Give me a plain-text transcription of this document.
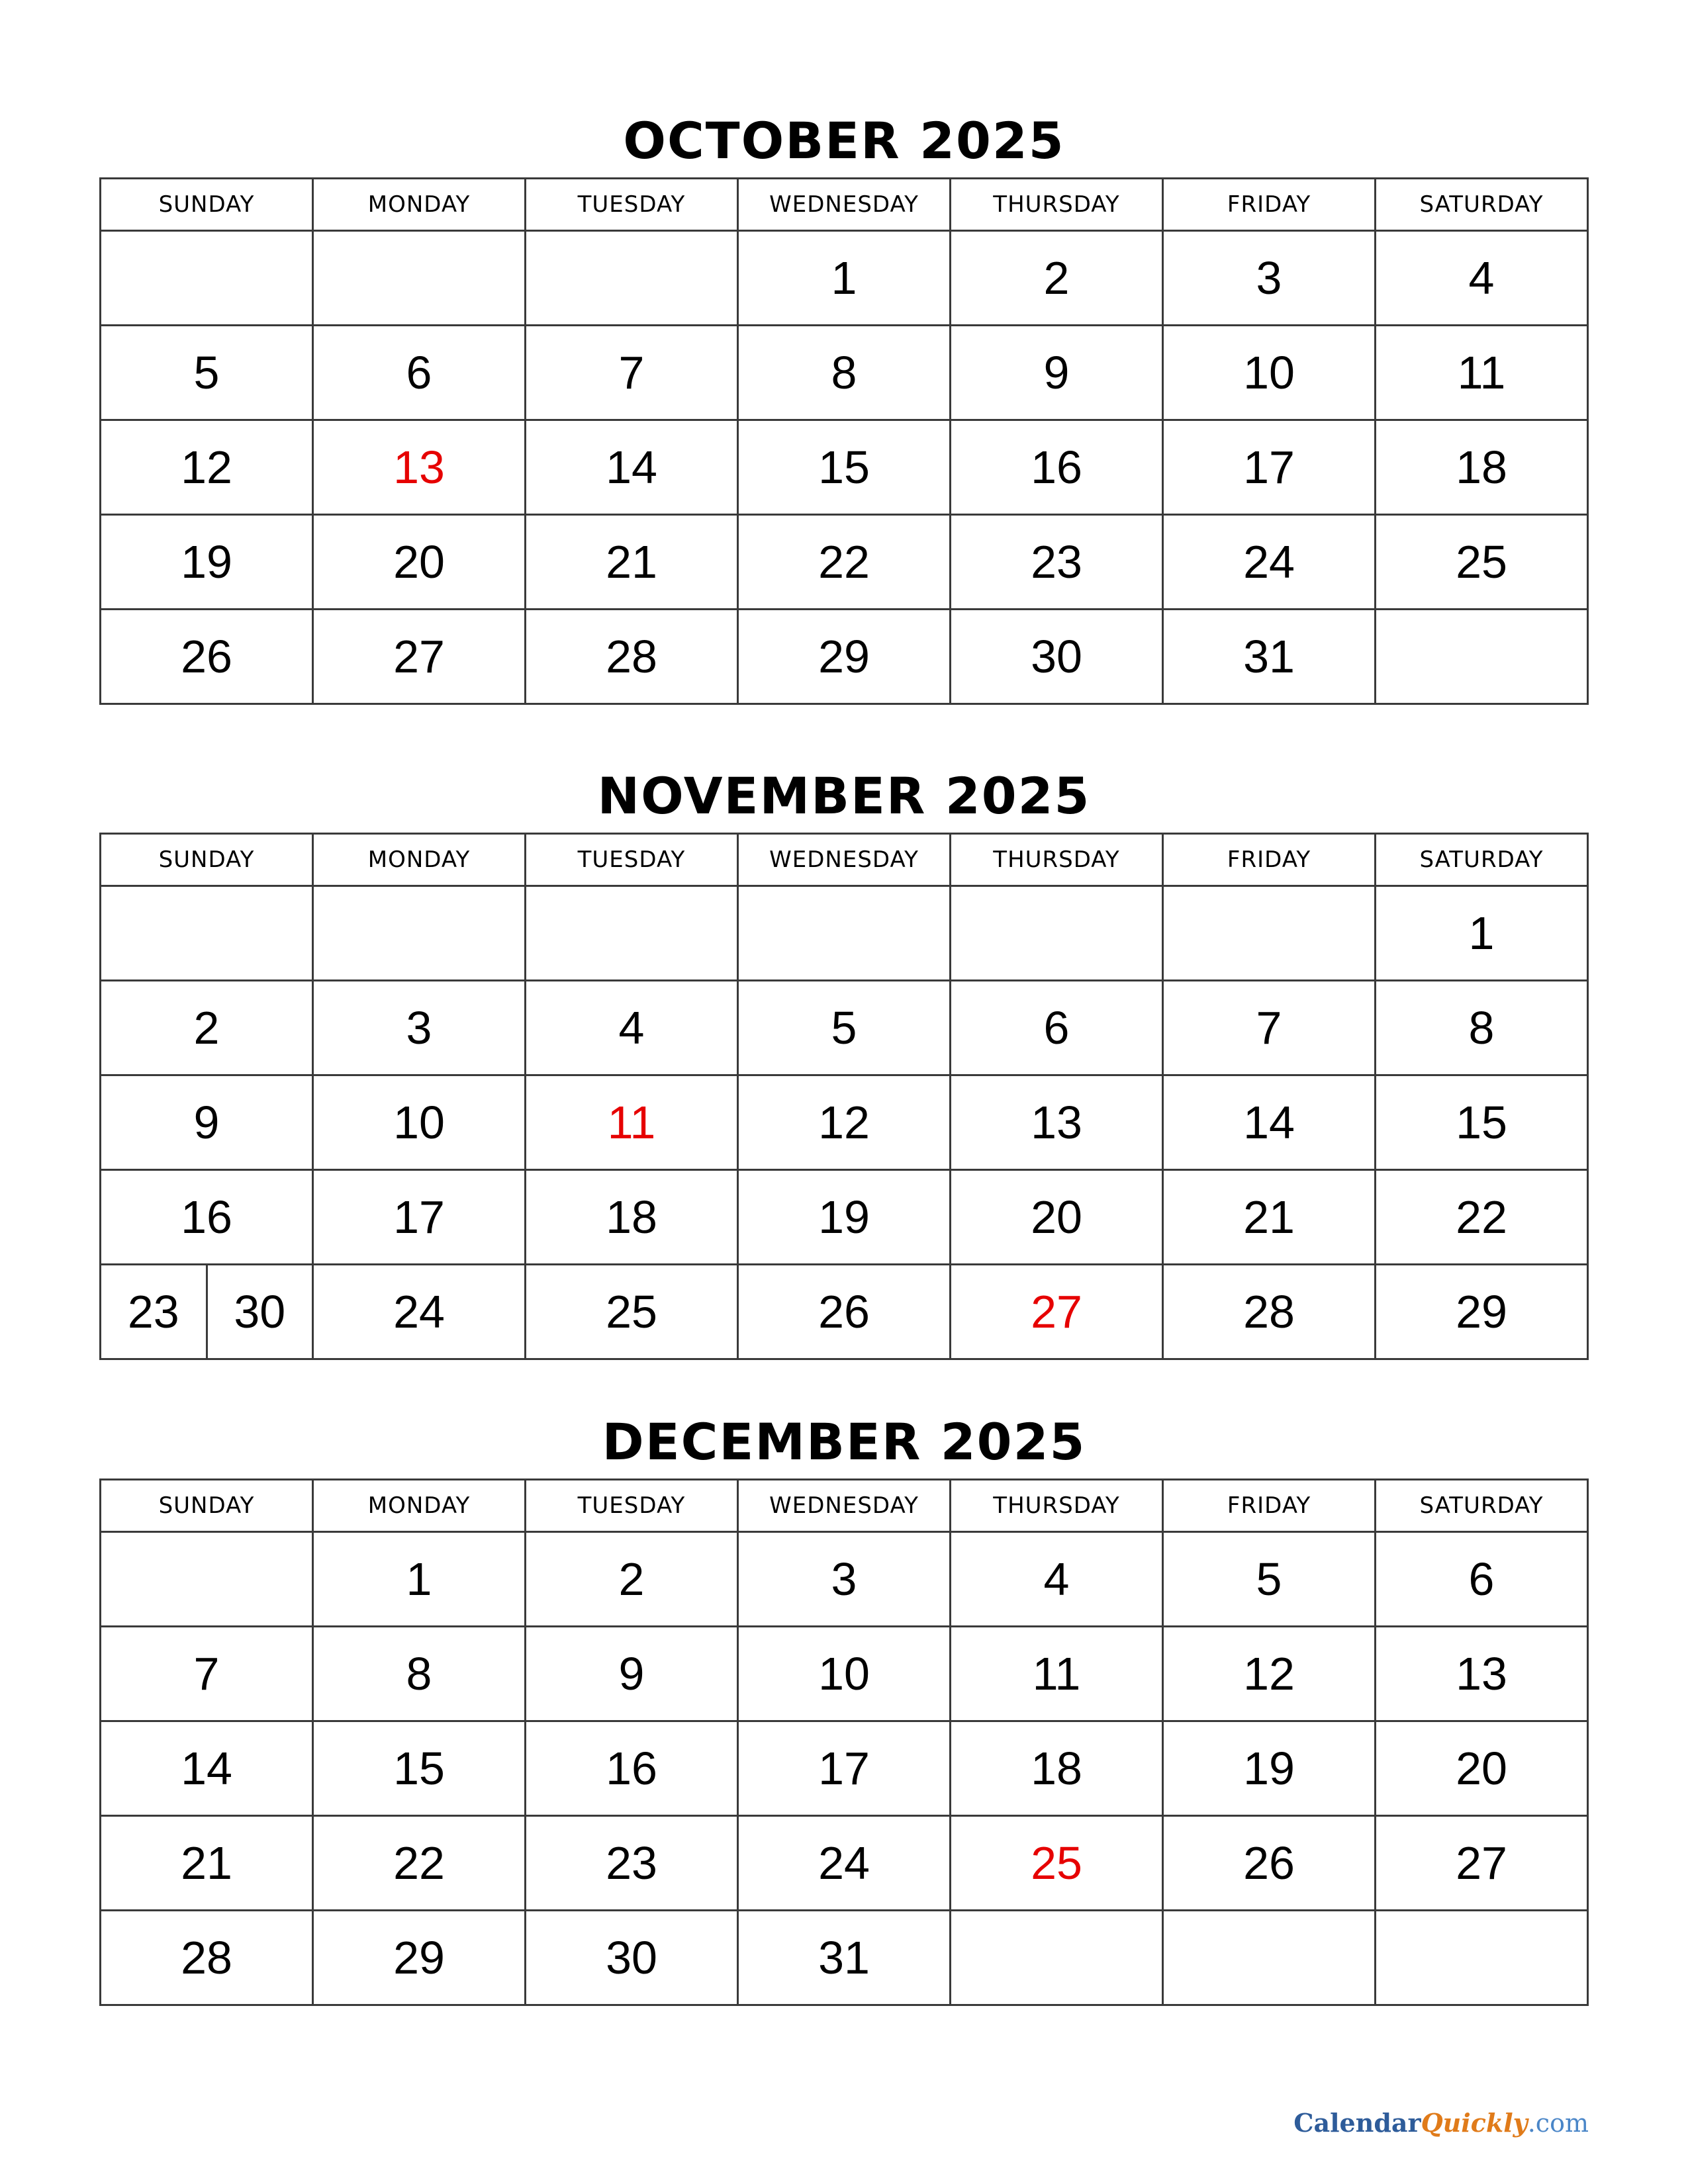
OCTOBER 2025
SUNDAY	MONDAY	TUESDAY	WEDNESDAY	THURSDAY	FRIDAY	SATURDAY
			1	2	3	4
5	6	7	8	9	10	11
12	13	14	15	16	17	18
19	20	21	22	23	24	25
26	27	28	29	30	31	
NOVEMBER 2025
SUNDAY	MONDAY	TUESDAY	WEDNESDAY	THURSDAY	FRIDAY	SATURDAY
						1
2	3	4	5	6	7	8
9	10	11	12	13	14	15
16	17	18	19	20	21	22

23 30	24	25	26	27	28	29
DECEMBER 2025
SUNDAY	MONDAY	TUESDAY	WEDNESDAY	THURSDAY	FRIDAY	SATURDAY
	1	2	3	4	5	6
7	8	9	10	11	12	13
14	15	16	17	18	19	20
21	22	23	24	25	26	27
28	29	30	31			
CalendarQuickly.com
